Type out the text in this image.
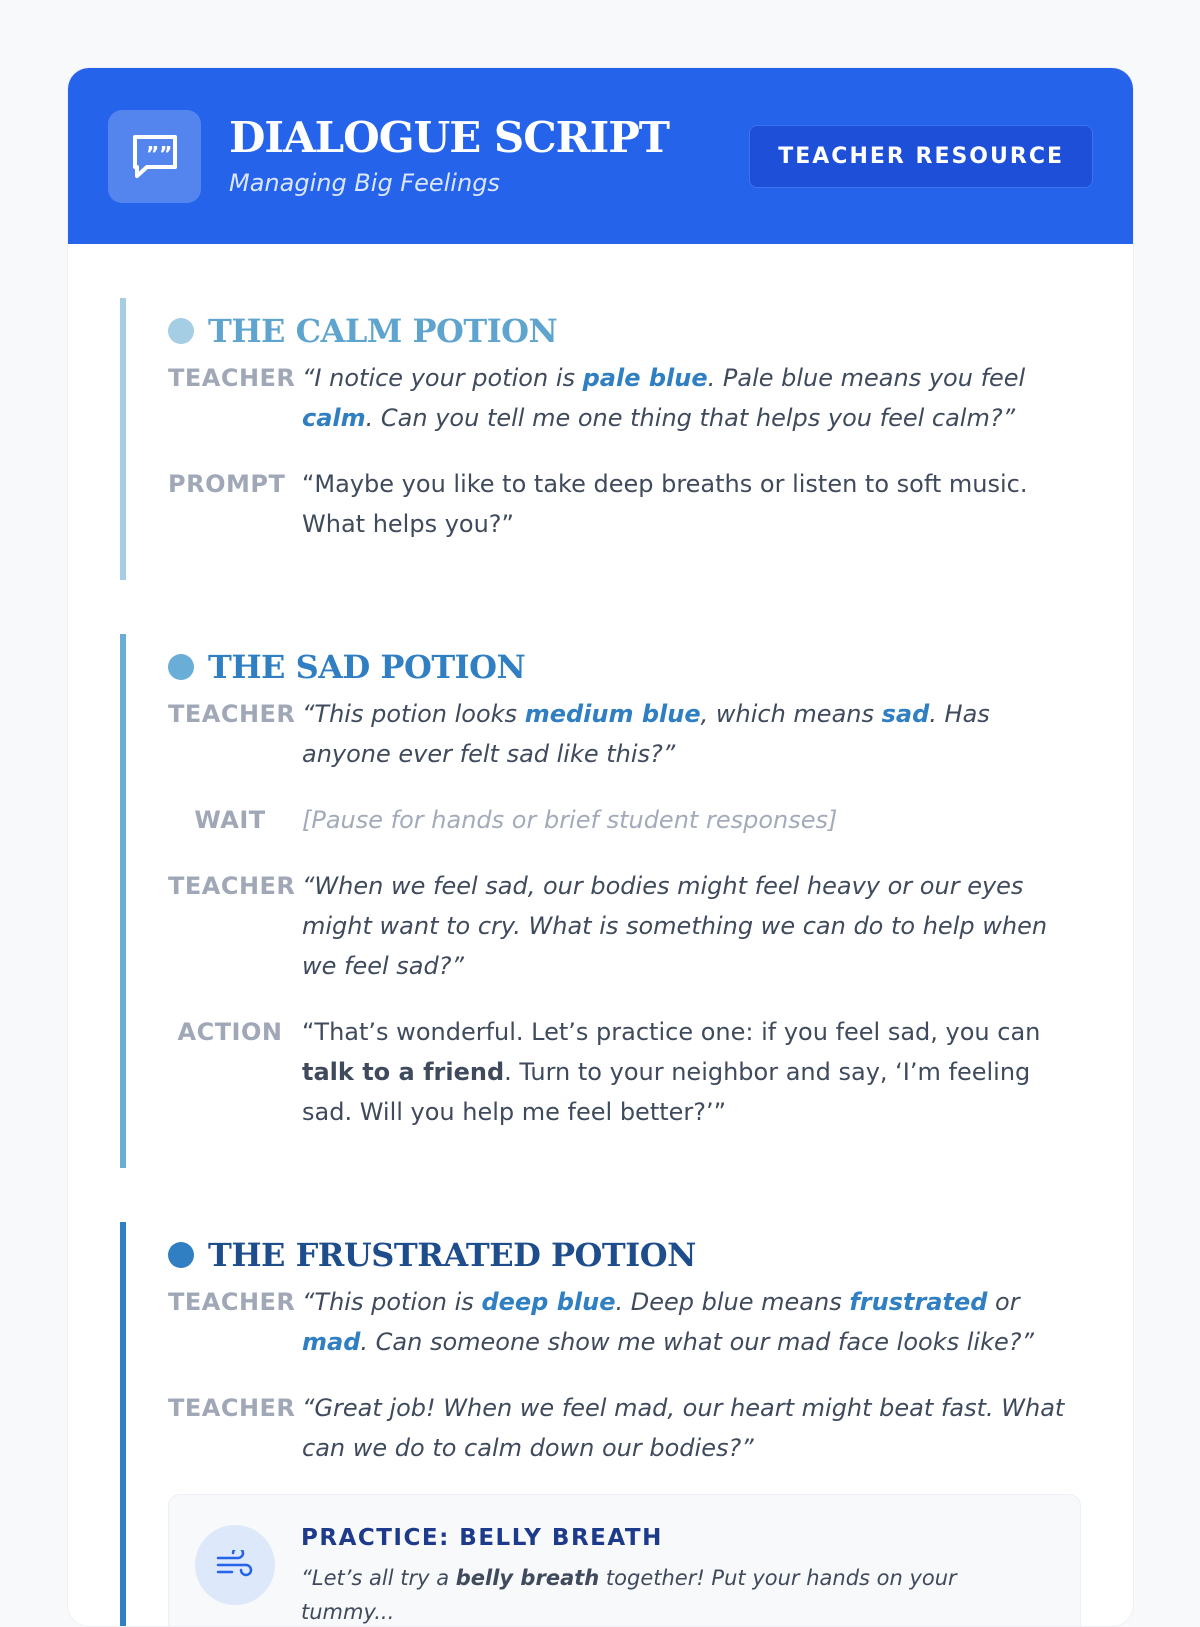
”” DIALOGUE SCRIPT
Managing Big Feelings
TEACHER RESOURCE
THE CALM POTION
TEACHER “I notice your potion is pale blue. Pale blue means you feel calm. Can you tell me one thing that helps you feel calm?”
PROMPT “Maybe you like to take deep breaths or listen to soft music. What helps you?”
THE SAD POTION
TEACHER “This potion looks medium blue, which means sad. Has anyone ever felt sad like this?”
WAIT	[Pause for hands or brief student responses]
TEACHER “When we feel sad, our bodies might feel heavy or our eyes might want to cry. What is something we can do to help when we feel sad?”
ACTION “That’s wonderful. Let’s practice one: if you feel sad, you can talk to a friend. Turn to your neighbor and say, ‘I’m feeling sad. Will you help me feel better?’”
THE FRUSTRATED POTION
TEACHER “This potion is deep blue. Deep blue means frustrated or mad. Can someone show me what our mad face looks like?”
TEACHER “Great job! When we feel mad, our heart might beat fast. What can we do to calm down our bodies?”
PRACTICE: BELLY BREATH
“Let’s all try a belly breath together! Put your hands on your tummy...
